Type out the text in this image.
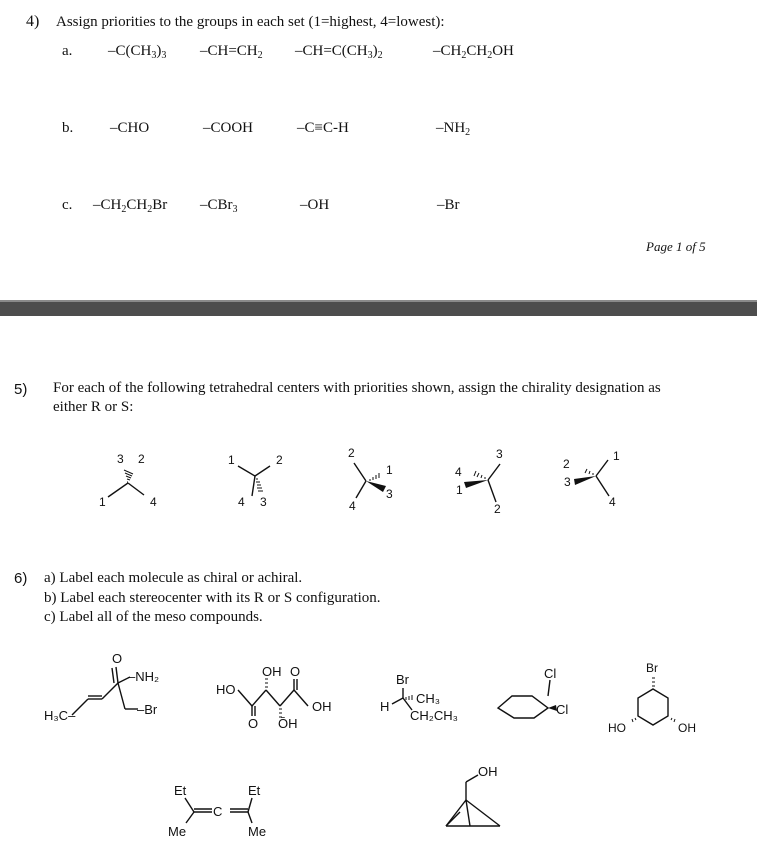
4) Assign priorities to the groups in each set (1=highest, 4=lowest):
a. $-C(CH_3)_3$ $-CH=CH_2$ $-CH=C(CH_3)_2$	$-CH_2CH_2OH$
b. –CHO	–COOH	–C≡C-H	$-NH_2$
c. $-CH_2CH_2Br$ –CBr$_3$	–OH	–Br
Page 1 of 5
5) For each of the following tetrahedral centers with priorities shown, assign the chirality designation as
either R or S:
3 2
1	4
1	2
4 3
2
1
3
4
4
3
1
2
2
1
3
4
6) a) Label each molecule as chiral or achiral.
b) Label each stereocenter with its R or S configuration.
c) Label all of the meso compounds.
O
–NH₂
–Br
H₃C–
OH O
HO
OH
O ŌH
Br
H
CH₃
CH₂CH₃
Cl
Cl
Br
HO	OH
Et	Et
Me	Me
C
OH
